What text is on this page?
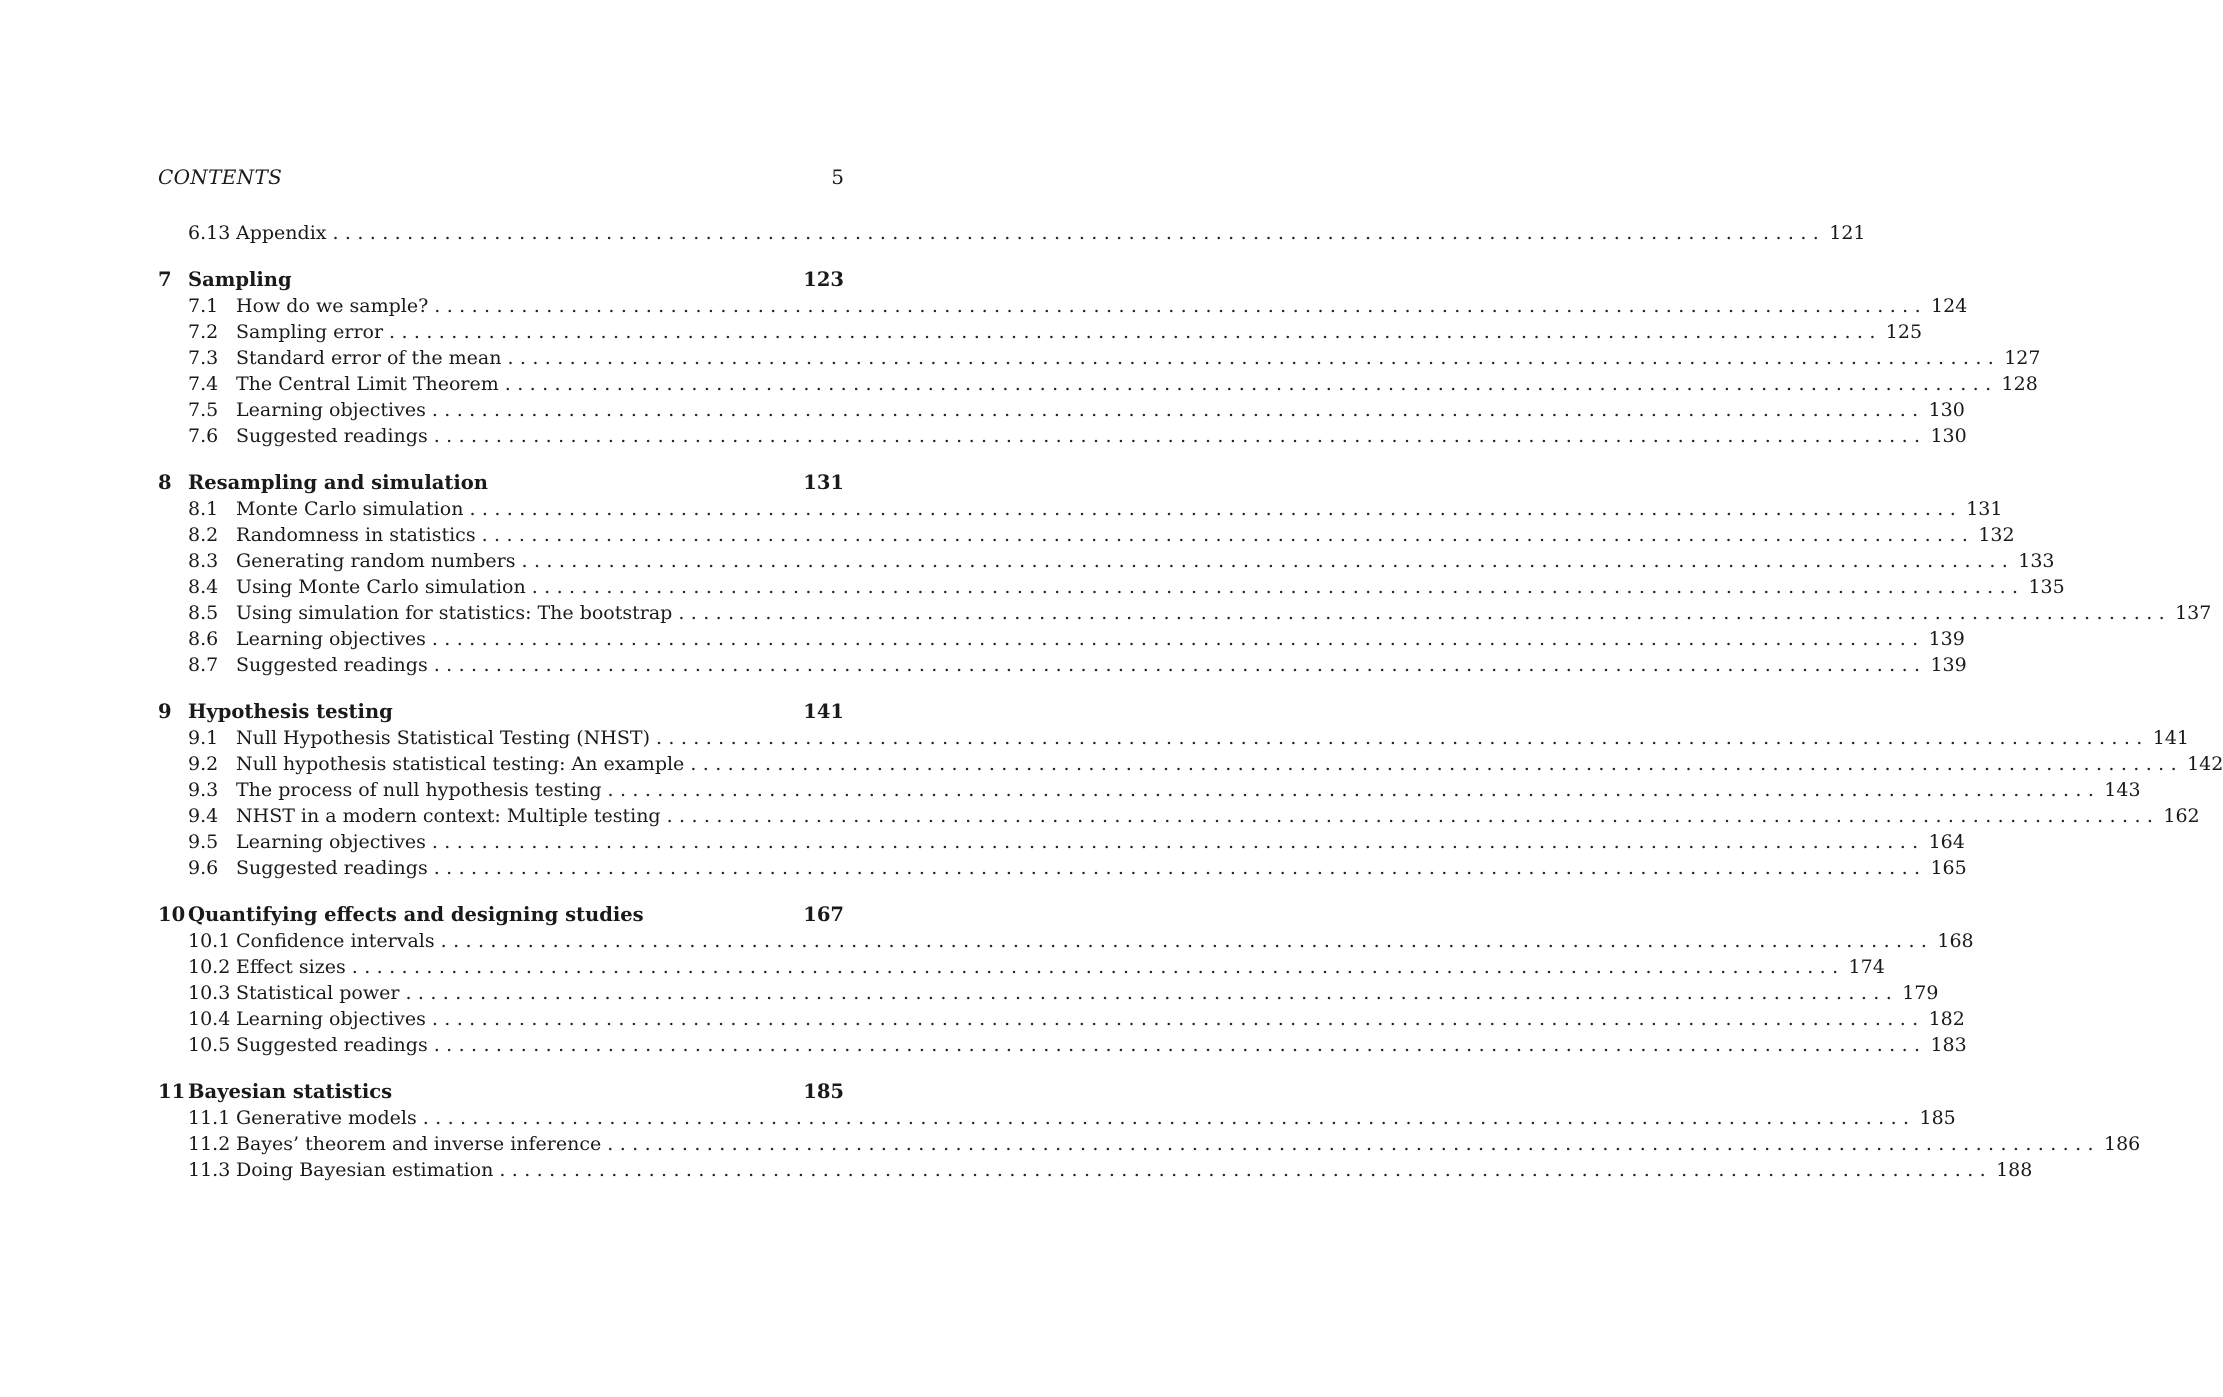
CONTENTS	5
6.13 Appendix ........................................................................................................................ 121
7 Sampling	123
7.1 How do we sample? ........................................................................................................................ 124
7.2 Sampling error ........................................................................................................................ 125
7.3 Standard error of the mean ........................................................................................................................ 127
7.4 The Central Limit Theorem ........................................................................................................................ 128
7.5 Learning objectives ........................................................................................................................ 130
7.6 Suggested readings ........................................................................................................................ 130
8 Resampling and simulation	131
8.1 Monte Carlo simulation ........................................................................................................................ 131
8.2 Randomness in statistics ........................................................................................................................ 132
8.3 Generating random numbers ........................................................................................................................ 133
8.4 Using Monte Carlo simulation ........................................................................................................................ 135
8.5 Using simulation for statistics: The bootstrap ........................................................................................................................ 137
8.6 Learning objectives ........................................................................................................................ 139
8.7 Suggested readings ........................................................................................................................ 139
9 Hypothesis testing	141
9.1 Null Hypothesis Statistical Testing (NHST) ........................................................................................................................ 141
9.2 Null hypothesis statistical testing: An example ........................................................................................................................ 142
9.3 The process of null hypothesis testing ........................................................................................................................ 143
9.4 NHST in a modern context: Multiple testing ........................................................................................................................ 162
9.5 Learning objectives ........................................................................................................................ 164
9.6 Suggested readings ........................................................................................................................ 165
10 Quantifying effects and designing studies	167
10.1 Confidence intervals ........................................................................................................................ 168
10.2 Effect sizes ........................................................................................................................ 174
10.3 Statistical power ........................................................................................................................ 179
10.4 Learning objectives ........................................................................................................................ 182
10.5 Suggested readings ........................................................................................................................ 183
11 Bayesian statistics	185
11.1 Generative models ........................................................................................................................ 185
11.2 Bayes’ theorem and inverse inference ........................................................................................................................ 186
11.3 Doing Bayesian estimation ........................................................................................................................ 188
